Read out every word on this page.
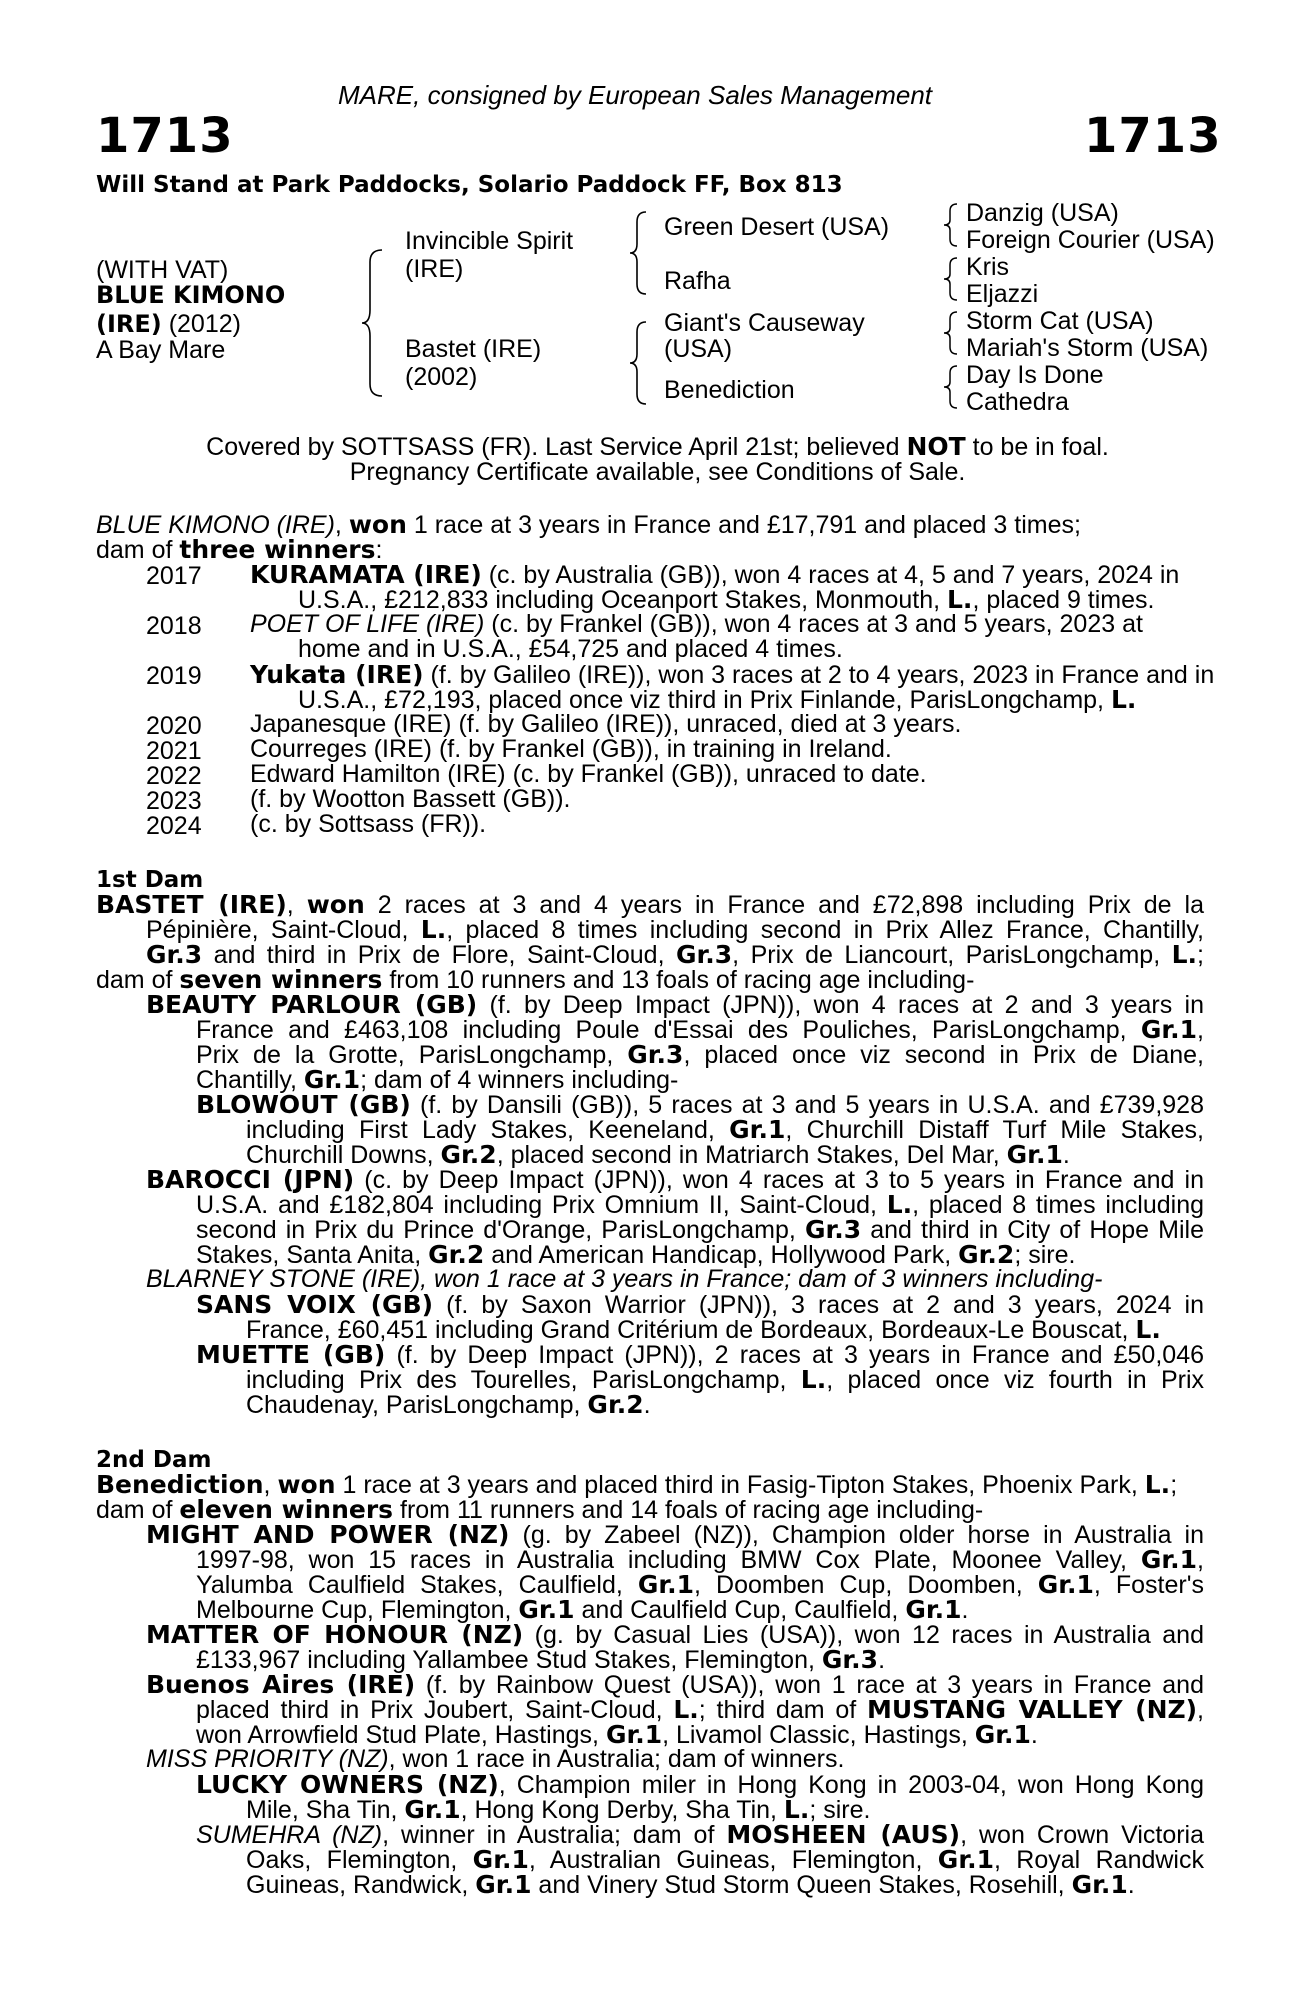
MARE, consigned by European Sales Management
1713	1713
Will Stand at Park Paddocks, Solario Paddock FF, Box 813
(WITH VAT)
BLUE KIMONO
(IRE) (2012)
A Bay Mare
Invincible Spirit
(IRE)
Bastet (IRE)
(2002)
Green Desert (USA)
Rafha
Giant's Causeway
(USA)
Benediction
Danzig (USA)
Foreign Courier (USA)
Kris
Eljazzi
Storm Cat (USA)
Mariah's Storm (USA)
Day Is Done
Cathedra
Covered by SOTTSASS (FR). Last Service April 21st; believed NOT to be in foal.
Pregnancy Certificate available, see Conditions of Sale.
BLUE KIMONO (IRE), won 1 race at 3 years in France and £17,791 and placed 3 times;
dam of three winners:
2017 KURAMATA (IRE) (c. by Australia (GB)), won 4 races at 4, 5 and 7 years, 2024 in
U.S.A., £212,833 including Oceanport Stakes, Monmouth, L., placed 9 times.
2018 POET OF LIFE (IRE) (c. by Frankel (GB)), won 4 races at 3 and 5 years, 2023 at
home and in U.S.A., £54,725 and placed 4 times.
2019 Yukata (IRE) (f. by Galileo (IRE)), won 3 races at 2 to 4 years, 2023 in France and in
U.S.A., £72,193, placed once viz third in Prix Finlande, ParisLongchamp, L.
2020 Japanesque (IRE) (f. by Galileo (IRE)), unraced, died at 3 years.
2021 Courreges (IRE) (f. by Frankel (GB)), in training in Ireland.
2022 Edward Hamilton (IRE) (c. by Frankel (GB)), unraced to date.
2023 (f. by Wootton Bassett (GB)).
2024 (c. by Sottsass (FR)).
1st Dam
BASTET (IRE), won 2 races at 3 and 4 years in France and £72,898 including Prix de la
Pépinière, Saint-Cloud, L., placed 8 times including second in Prix Allez France, Chantilly,
Gr.3 and third in Prix de Flore, Saint-Cloud, Gr.3, Prix de Liancourt, ParisLongchamp, L.;
dam of seven winners from 10 runners and 13 foals of racing age including-
BEAUTY PARLOUR (GB) (f. by Deep Impact (JPN)), won 4 races at 2 and 3 years in
France and £463,108 including Poule d'Essai des Pouliches, ParisLongchamp, Gr.1,
Prix de la Grotte, ParisLongchamp, Gr.3, placed once viz second in Prix de Diane,
Chantilly, Gr.1; dam of 4 winners including-
BLOWOUT (GB) (f. by Dansili (GB)), 5 races at 3 and 5 years in U.S.A. and £739,928
including First Lady Stakes, Keeneland, Gr.1, Churchill Distaff Turf Mile Stakes,
Churchill Downs, Gr.2, placed second in Matriarch Stakes, Del Mar, Gr.1.
BAROCCI (JPN) (c. by Deep Impact (JPN)), won 4 races at 3 to 5 years in France and in
U.S.A. and £182,804 including Prix Omnium II, Saint-Cloud, L., placed 8 times including
second in Prix du Prince d'Orange, ParisLongchamp, Gr.3 and third in City of Hope Mile
Stakes, Santa Anita, Gr.2 and American Handicap, Hollywood Park, Gr.2; sire.
BLARNEY STONE (IRE), won 1 race at 3 years in France; dam of 3 winners including-
SANS VOIX (GB) (f. by Saxon Warrior (JPN)), 3 races at 2 and 3 years, 2024 in
France, £60,451 including Grand Critérium de Bordeaux, Bordeaux-Le Bouscat, L.
MUETTE (GB) (f. by Deep Impact (JPN)), 2 races at 3 years in France and £50,046
including Prix des Tourelles, ParisLongchamp, L., placed once viz fourth in Prix
Chaudenay, ParisLongchamp, Gr.2.
2nd Dam
Benediction, won 1 race at 3 years and placed third in Fasig-Tipton Stakes, Phoenix Park, L.;
dam of eleven winners from 11 runners and 14 foals of racing age including-
MIGHT AND POWER (NZ) (g. by Zabeel (NZ)), Champion older horse in Australia in
1997-98, won 15 races in Australia including BMW Cox Plate, Moonee Valley, Gr.1,
Yalumba Caulfield Stakes, Caulfield, Gr.1, Doomben Cup, Doomben, Gr.1, Foster's
Melbourne Cup, Flemington, Gr.1 and Caulfield Cup, Caulfield, Gr.1.
MATTER OF HONOUR (NZ) (g. by Casual Lies (USA)), won 12 races in Australia and
£133,967 including Yallambee Stud Stakes, Flemington, Gr.3.
Buenos Aires (IRE) (f. by Rainbow Quest (USA)), won 1 race at 3 years in France and
placed third in Prix Joubert, Saint-Cloud, L.; third dam of MUSTANG VALLEY (NZ),
won Arrowfield Stud Plate, Hastings, Gr.1, Livamol Classic, Hastings, Gr.1.
MISS PRIORITY (NZ), won 1 race in Australia; dam of winners.
LUCKY OWNERS (NZ), Champion miler in Hong Kong in 2003-04, won Hong Kong
Mile, Sha Tin, Gr.1, Hong Kong Derby, Sha Tin, L.; sire.
SUMEHRA (NZ), winner in Australia; dam of MOSHEEN (AUS), won Crown Victoria
Oaks, Flemington, Gr.1, Australian Guineas, Flemington, Gr.1, Royal Randwick
Guineas, Randwick, Gr.1 and Vinery Stud Storm Queen Stakes, Rosehill, Gr.1.
